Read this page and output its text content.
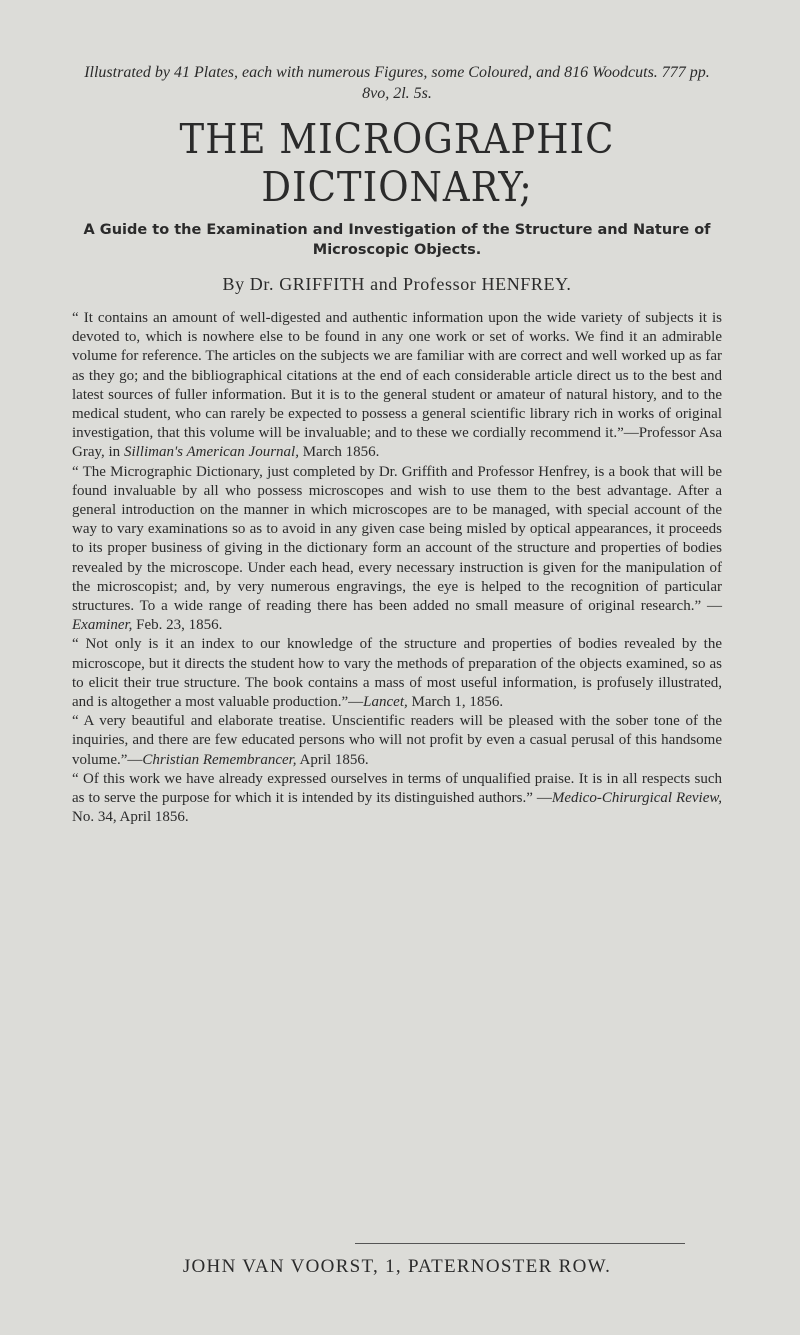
Illustrated by 41 Plates, each with numerous Figures, some Coloured, and 816 Woodcuts. 777 pp. 8vo, 2l. 5s.

THE MICROGRAPHIC DICTIONARY;

A Guide to the Examination and Investigation of the Structure and Nature of Microscopic Objects.

By Dr. GRIFFITH and Professor HENFREY.

“ It contains an amount of well-digested and authentic information upon the wide variety of subjects it is devoted to, which is nowhere else to be found in any one work or set of works. We find it an admirable volume for reference. The articles on the subjects we are familiar with are correct and well worked up as far as they go; and the bibliographical citations at the end of each considerable article direct us to the best and latest sources of fuller information. But it is to the general student or amateur of natural history, and to the medical student, who can rarely be expected to possess a general scientific library rich in works of original investigation, that this volume will be invaluable; and to these we cordially recommend it.”—Professor Asa Gray, in Silliman's American Journal, March 1856.

“ The Micrographic Dictionary, just completed by Dr. Griffith and Professor Henfrey, is a book that will be found invaluable by all who possess microscopes and wish to use them to the best advantage. After a general introduction on the manner in which microscopes are to be managed, with special account of the way to vary examinations so as to avoid in any given case being misled by optical appearances, it proceeds to its proper business of giving in the dictionary form an account of the structure and properties of bodies revealed by the microscope. Under each head, every necessary instruction is given for the manipulation of the microscopist; and, by very numerous engravings, the eye is helped to the recognition of particular structures. To a wide range of reading there has been added no small measure of original research.” —Examiner, Feb. 23, 1856.

“ Not only is it an index to our knowledge of the structure and properties of bodies revealed by the microscope, but it directs the student how to vary the methods of preparation of the objects examined, so as to elicit their true structure. The book contains a mass of most useful information, is profusely illustrated, and is altogether a most valuable production.”—Lancet, March 1, 1856.

“ A very beautiful and elaborate treatise. Unscientific readers will be pleased with the sober tone of the inquiries, and there are few educated persons who will not profit by even a casual perusal of this handsome volume.”—Christian Remembrancer, April 1856.

“ Of this work we have already expressed ourselves in terms of unqualified praise. It is in all respects such as to serve the purpose for which it is intended by its distinguished authors.” —Medico-Chirurgical Review, No. 34, April 1856.

JOHN VAN VOORST, 1, PATERNOSTER ROW.
